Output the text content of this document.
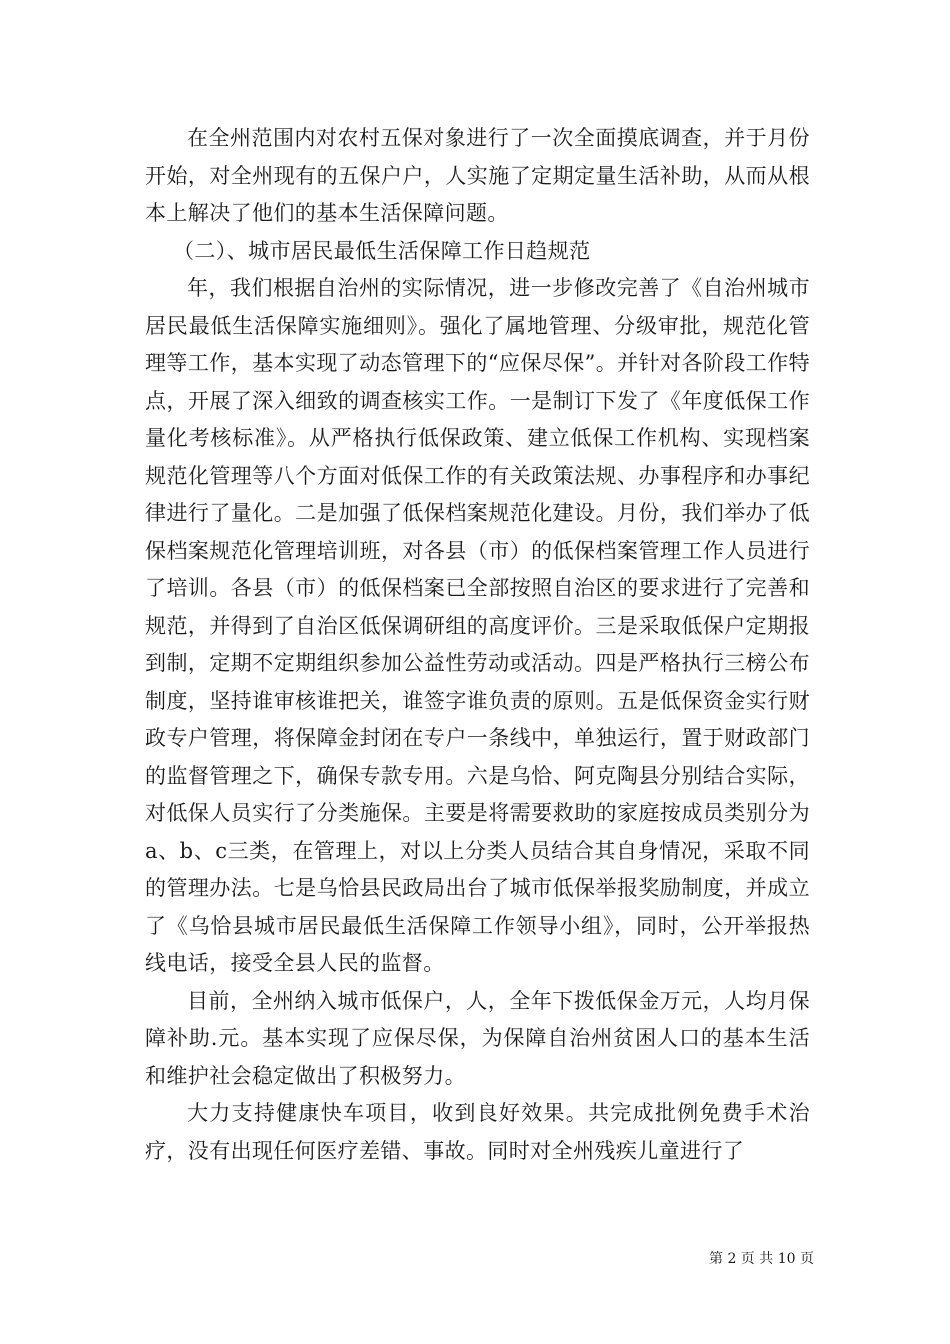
在全州范围内对农村五保对象进行了一次全面摸底调查，并于月份开始，对全州现有的五保户户，人实施了定期定量生活补助，从而从根本上解决了他们的基本生活保障问题。

（二）、城市居民最低生活保障工作日趋规范

年，我们根据自治州的实际情况，进一步修改完善了《自治州城市居民最低生活保障实施细则》。强化了属地管理、分级审批，规范化管理等工作，基本实现了动态管理下的“应保尽保”。并针对各阶段工作特点，开展了深入细致的调查核实工作。一是制订下发了《年度低保工作量化考核标准》。从严格执行低保政策、建立低保工作机构、实现档案规范化管理等八个方面对低保工作的有关政策法规、办事程序和办事纪律进行了量化。二是加强了低保档案规范化建设。月份，我们举办了低保档案规范化管理培训班，对各县（市）的低保档案管理工作人员进行了培训。各县（市）的低保档案已全部按照自治区的要求进行了完善和规范，并得到了自治区低保调研组的高度评价。三是采取低保户定期报到制，定期不定期组织参加公益性劳动或活动。四是严格执行三榜公布制度，坚持谁审核谁把关，谁签字谁负责的原则。五是低保资金实行财政专户管理，将保障金封闭在专户一条线中，单独运行，置于财政部门的监督管理之下，确保专款专用。六是乌恰、阿克陶县分别结合实际，对低保人员实行了分类施保。主要是将需要救助的家庭按成员类别分为a、b、c三类，在管理上，对以上分类人员结合其自身情况，采取不同的管理办法。七是乌恰县民政局出台了城市低保举报奖励制度，并成立了《乌恰县城市居民最低生活保障工作领导小组》，同时，公开举报热线电话，接受全县人民的监督。

目前，全州纳入城市低保户，人，全年下拨低保金万元，人均月保障补助.元。基本实现了应保尽保，为保障自治州贫困人口的基本生活和维护社会稳定做出了积极努力。

大力支持健康快车项目，收到良好效果。共完成批例免费手术治疗，没有出现任何医疗差错、事故。同时对全州残疾儿童进行了

第 2 页 共 10 页
